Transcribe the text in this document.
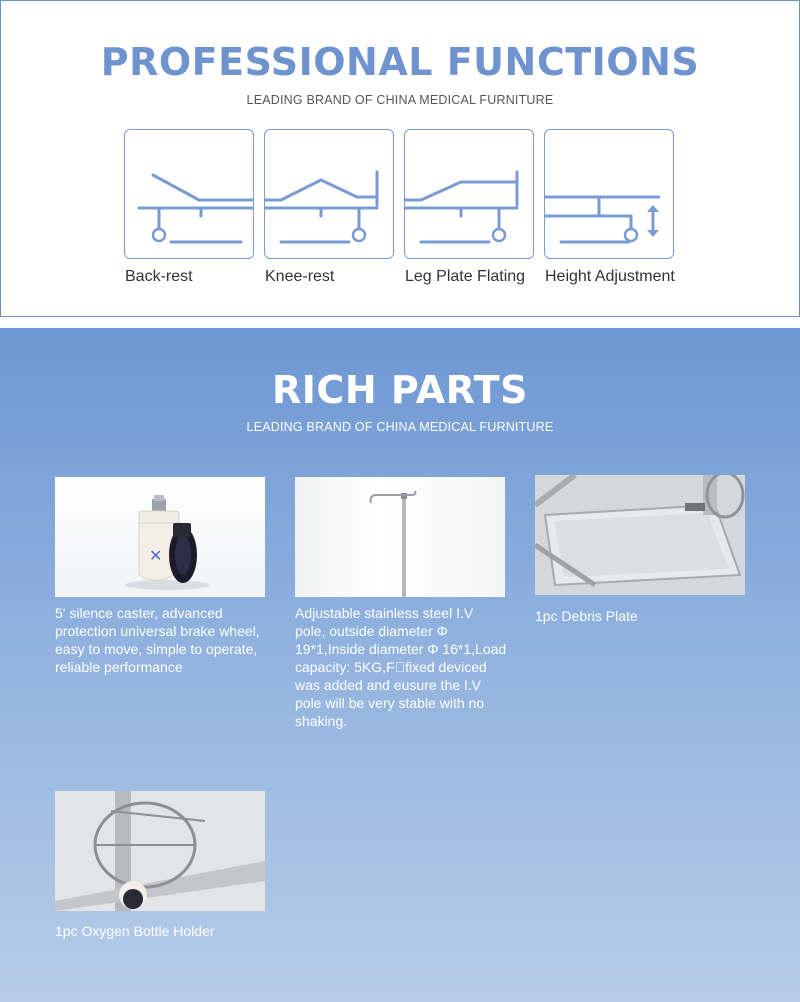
PROFESSIONAL FUNCTIONS
LEADING BRAND OF CHINA MEDICAL FURNITURE
Back-rest	Knee-rest	Leg Plate Flating Height Adjustment
RICH PARTS
LEADING BRAND OF CHINA MEDICAL FURNITURE
✕
5' silence caster, advanced protection universal brake wheel, easy to move, simple to operate, reliable performance
Adjustable stainless steel I.V pole, outside diameter Φ 19*1,Inside diameter Φ 16*1,Load capacity: 5KG,F fixed deviced was added and eusure the I.V pole will be very stable with no shaking.
1pc Debris Plate
1pc Oxygen Bottle Holder
